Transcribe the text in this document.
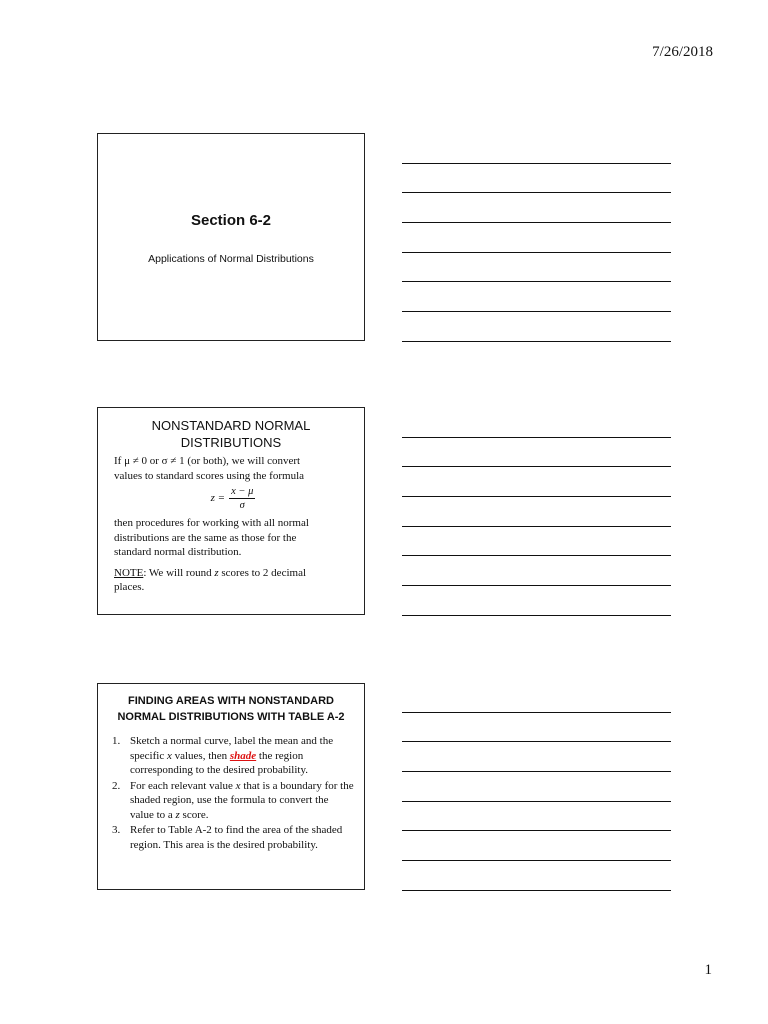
7/26/2018
Section 6-2
Applications of Normal Distributions
NONSTANDARD NORMAL
DISTRIBUTIONS
If μ ≠ 0 or σ ≠ 1 (or both), we will convert
values to standard scores using the formula
$z = \frac{x - \mu}{\sigma}$
then procedures for working with all normal
distributions are the same as those for the
standard normal distribution.
NOTE: We will round z scores to 2 decimal
places.
FINDING AREAS WITH NONSTANDARD
NORMAL DISTRIBUTIONS WITH TABLE A-2
1. Sketch a normal curve, label the mean and the specific x values, then shade the region corresponding to the desired probability.
2. For each relevant value x that is a boundary for the shaded region, use the formula to convert the value to a z score.
3. Refer to Table A-2 to find the area of the shaded region. This area is the desired probability.
1
